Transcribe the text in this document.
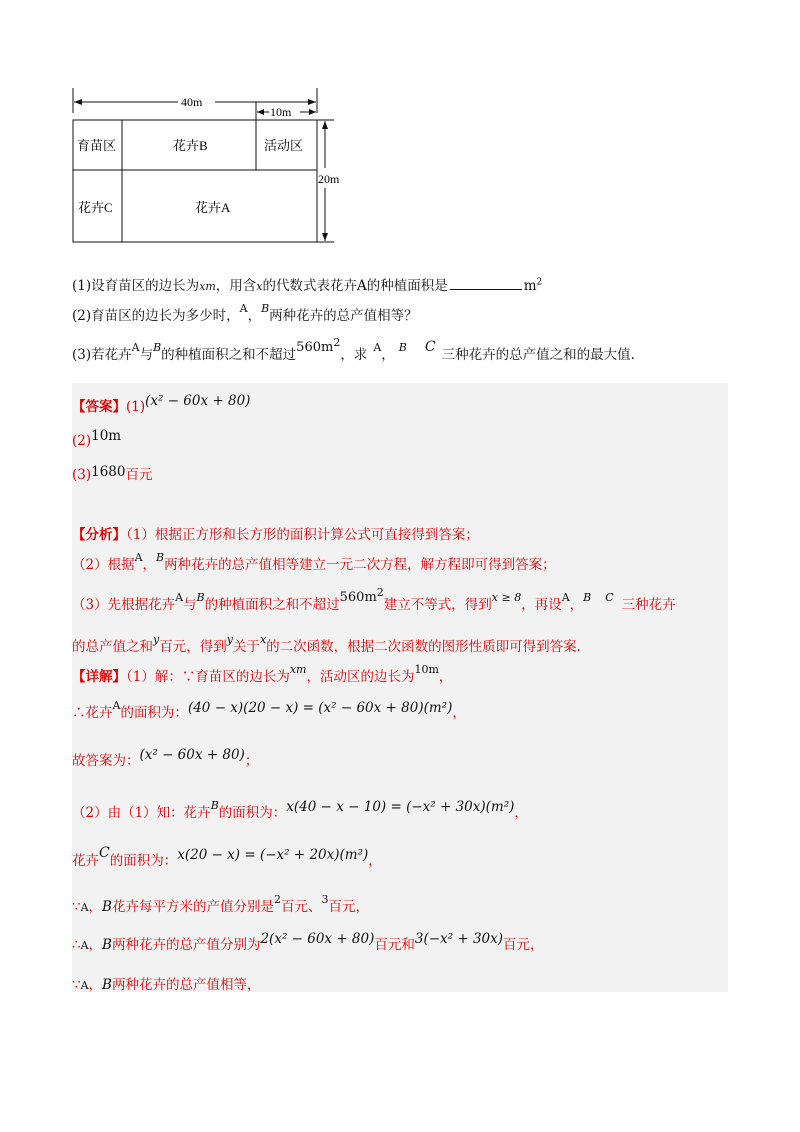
40m
10m
20m
育苗区	花卉B	活动区
花卉C	花卉A
(1)设育苗区的边长为xm，用含x的代数式表花卉A的种植面积是	$m^2$
(2)育苗区的边长为多少时，$^A$，$^B$两种花卉的总产值相等？
(3)若花卉$^A$与$^B$的种植面积之和不超过$560m^2$，求 $^A$， $^B$ C 三种花卉的总产值之和的最大值.
【答案】(1)(x² − 60x + 80)
(2)10m
(3)1680百元
【分析】（1）根据正方形和长方形的面积计算公式可直接得到答案；
（2）根据$^A$，$^B$两种花卉的总产值相等建立一元二次方程，解方程即可得到答案；
（3）先根据花卉$^A$与$^B$的种植面积之和不超过$560m^2$建立不等式，得到$^{x \ge 8}$，再设$^A$，$^B$ $^C$ 三种花卉
的总产值之和$^y$百元，得到$^y$关于$^x$的二次函数，根据二次函数的图形性质即可得到答案.
【详解】（1）解：∵育苗区的边长为$^{xm}$，活动区的边长为$^{10m}$，
∴花卉$^A$的面积为：(40 − x)(20 − x) = (x² − 60x + 80)(m²)，
故答案为：(x² − 60x + 80)；
（2）由（1）知：花卉$^B$的面积为：x(40 − x − 10) = (−x² + 30x)(m²)，
花卉C的面积为：x(20 − x) = (−x² + 20x)(m²)，
∵A，B花卉每平方米的产值分别是$^2$百元、$^3$百元，
∴A，B两种花卉的总产值分别为2(x² − 60x + 80)百元和3(−x² + 30x)百元，
∵A，B两种花卉的总产值相等，
